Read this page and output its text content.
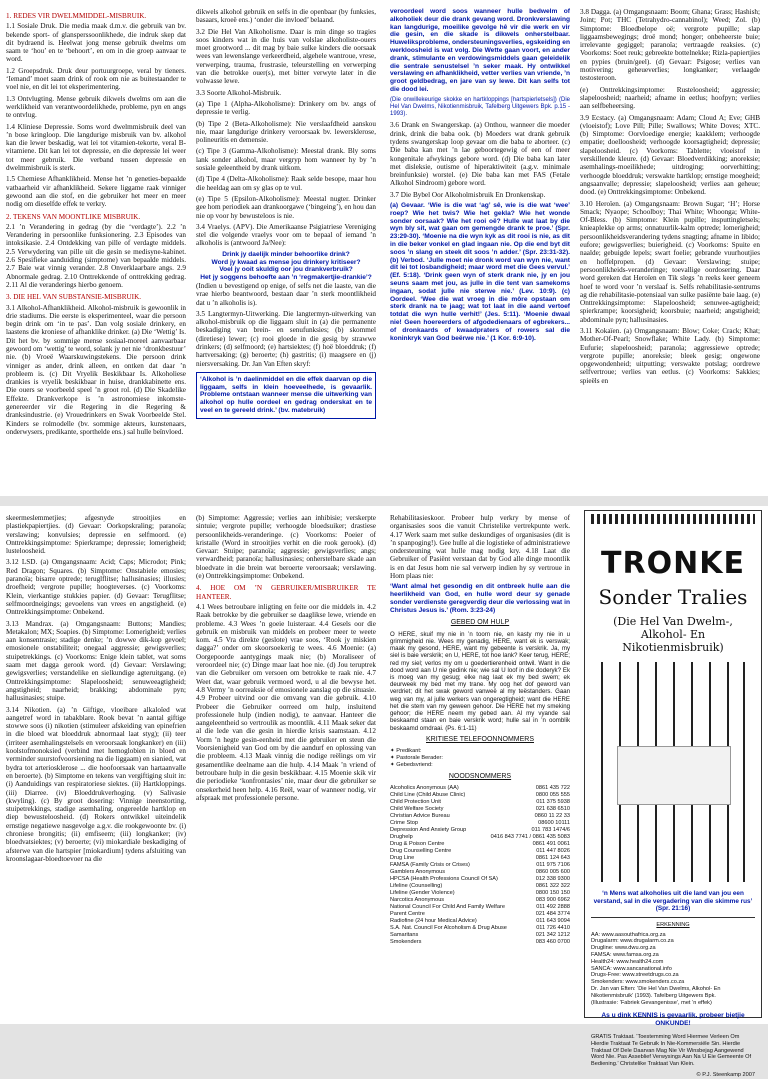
1. REDES VIR DWELMMIDDEL-MISBRUIK.

1.1 Sosiale Druk. Die media maak d.m.v. die gebruik van bv. bekende sport- of glansperssoonlikhede, die indruk skep dat dit bydraend is. Heelwat jong mense gebruik dwelms om saam te ‘hou’ en te ‘behoort’, en om in die groep aanvaar te word.

1.2 Groepsdruk. Druk deur portuurgroepe, veral by tieners. ‘Iemand’ moet saam drink of rook om nie as buitestaander te voel nie, en dit lei tot eksperimentering.

1.3 Ontvlugting. Mense gebruik dikwels dwelms om aan die werklikheid van verantwoordelikhede, probleme, pyn en angs te ontvlug.

1.4 Kliniese Depressie. Soms word dwelmmisbruik deel van ’n bose kringloop. Die langdurige misbruik van bv. alkohol kan die lewer beskadig, wat lei tot vitamien-tekorte, veral B-vitamiene. Dit kan lei tot depressie, en die depressie lei weer tot meer gebruik. Die verband tussen depressie en dwelmmisbruik is sterk.

1.5 Chemiese Afhanklikheid. Mense het ’n geneties-bepaalde vatbaarheid vir afhanklikheid. Sekere liggame raak vinniger gewoond aan die stof, en die gebruiker het meer en meer nodig om dieselfde effek te verkry.

2. TEKENS VAN MOONTLIKE MISBRUIK.

2.1 ’n Verandering in gedrag (by die ‘verdagte’). 2.2 ’n Verandering in persoonlike funksionering. 2.3 Episodes van intoksikasie. 2.4 Ontdekking van pille of verdagte middels. 2.5 Verwydering van pille uit die gesin se medisyne-kabinet. 2.6 Spesifieke aanduiding (simptome) van bepaalde middels. 2.7 Baie wat vinnig verander. 2.8 Onverklaarbare angs. 2.9 Abnormale gedrag. 2.10 Onttrekkende of onttrekking gedrag. 2.11 Al die veranderings hierbo genoem.

3. DIE HEL VAN SUBSTANSIE-MISBRUIK.

3.1 Alkohol-Afhanklikheid. Alkohol-misbruik is gewoonlik in drie stadiums. Die eerste is eksperimenteel, waar die persoon begin drink om ‘in te pas’. Dan volg sosiale drinkery, en laastens die kroniese of afhanklike drinker. (a) Die ‘Wettig’ Is. Dit het bv. by sommige mense sosiaal-moreel aanvaarbaar gewoord om ‘wettig’ te word, solank jy net nie ‘dronkbestuur’ nie. (b) Vroeë Waarskuwingstekens. Die persoon drink vinniger as ander, drink alleen, en ontken dat daar ’n probleem is. (c) Dit Vryelik Beskikbaar Is. Alkoholiese drankies is vryelik beskikbaar in huise, drankkabinette ens. Die ouers se voorbeeld speel ’n groot rol. (d) Die Skadelike Effekte. Drankverkope is ’n astronomiese inkomste-genereerder vir die Regering in die Regering & dranksindustrie. (e) Vrouedrinkers en Swak Voorbeelde Stel. Kinders se rolmodelle (bv. sommige akteurs, kunstenaars, onderwysers, predikante, sporthelde ens.) sal hulle beïnvloed.

dikwels alkohol gebruik en selfs in die openbaar (by funksies, basaars, kroeë ens.) ‘onder die invloed’ belaand.

3.2 Die Hel Van Alkoholisme. Daar is min dinge so tragies soos kinders wat in die huis van volslae alkoholiste-ouers moet grootword ... dit mag by baie sulke kinders die oorsaak wees van lewenslange verkeerdheid, algehele wantroue, vrese, verwerping, trauma, frustrasie, teleurstelling en verwerping van die betrokke ouer(s), met bitter verwyte later in die volwasse lewe.

3.3 Soorte Alkohol-Misbruik.

(a) Tipe 1 (Alpha-Alkoholisme): Drinkery om bv. angs of depressie te verlig.

(b) Tipe 2 (Beta-Alkoholisme): Nie verslaafdheid aanskou nie, maar langdurige drinkery veroorsaak bv. lewersklerose, polineuritis en demensie.

(c) Tipe 3 (Gamma-Alkoholisme): Meestal drank. Bly soms lank sonder alkohol, maar vergryp hom wanneer hy by ’n sosiale geleentheid by drank uitkom.

(d) Tipe 4 (Delta-Alkoholisme): Raak selde besope, maar hou die heeldag aan om sy glas op te vul.

(e) Tipe 5 (Epsilon-Alkoholisme): Meestal nugter. Drinker gee hom periodiek aan drankoorgawe (‘bingeing’), en hou dan nie op voor hy bewusteloos is nie.

3.4 Vraelys. (APV). Die Amerikaanse Psigiatriese Vereniging stel die volgende vraelys voor om te bepaal of iemand ’n alkoholis is (antwoord Ja/Nee):

Drink jy daelijk minder behoorlike drink?
Word jy kwaad as mense jou drinkery kritiseer?
Voel jy ooit skuldig oor jou drankverbruik?
Het jy soggens behoefte aan ’n ‘regmakertjie-drankie’?

(Indien u bevestigend op enige, of selfs net die laaste, van die vrae hierbo beantwoord, bestaan daar ’n sterk moontlikheid dat u ’n alkoholis is).

3.5 Langtermyn-Uitwerking. Die langtermyn-uitwerking van alkohol-misbruik op die liggaam sluit in (a) die permanente beskadiging van brein- en senufunksies; (b) skommel (diretiese) lewer; (c) rooi gloede in die gesig by strawwe drinkers; (d) selfmoord; (e) hartsiektes; (f) hoë bloeddruk; (f) hartversaking; (g) beroerte; (h) gastritis; (i) maagsere en (j) niersversaking. Dr. Jan Van Eften skryf:

‘Alkohol is ’n daelinmiddel en die effek daarvan op die liggaam, selfs in klein hoeveelhede, is gevaarlik. Probleme ontstaan wanneer mense die uitwerking van alkohol op hulle oordeel en gedrag onderskat en te veel en te gereeld drink.’ (bv. matebruik)

veroordeel word soos wanneer hulle bedwelm of alkoholiek deur die drank gevang word. Dronkverslawing kan langdurige, moeilike gevolge hê vir die werk en vir die gesin, en die skade is dikwels onherstelbaar. Huweliksprobleme, ondersteuningsverlies, egskeiding en werkloosheid is wat volg. Die Wette gaan voort, en ander drank, stimulante en verdowingsmiddels gaan geleidelik die sentrale senustelsel ’n seker maak. Hy ontwikkel verslawing en afhanklikheid, vetter verlies van vriende, ’n groot geldbedrag, en jare van sy lewe. Dit kan selfs tot die dood lei.

(Die onwillekeurige skokke en hartkloppings [hartspierletsels]) (Die Hel Van Dwelms, Nikotienmisbruik, Tafelberg Uitgewers Bpk. p.15 - 1993).

3.6 Drank en Swangerskap. (a) Onthou, wanneer die moeder drink, drink die baba ook. (b) Moeders wat drank gebruik tydens swangerskap loop gevaar om die baba te aborteer. (c) Die baba kan met ’n lae geboortegewig of een of meer kongenitale afwykings gebore word. (d) Die baba kan later met disleksie, outisme of hiperaktiwiteit (a.g.v. minimale breinfunksie) worstel. (e) Die baba kan met FAS (Fetale Alkohol Sindroom) gebore word.

3.7 Die Bybel Oor Alkoholmisbruik En Dronkenskap.

(a) Gevaar. ‘Wie is die wat ‘ag’ sê, wie is die wat ‘wee’ roep? Wie het twis? Wie het gekla? Wie het wonde sonder oorsaak? Wie het rooi oë? Hulle wat laat by die wyn bly sit, wat gaan om gemengde drank te proe.’ (Spr. 23:29-30). ‘Moenie na die wyn kyk as dit rooi is nie, as dit in die beker vonkel en glad ingaan nie. Op die end byt dit soos ’n slang en steek dit soos ’n adder.’ (Spr. 23:31-32). (b) Verbod. ‘Julle moet nie dronk word van wyn nie, want dit lei tot losbandigheid; maar word met die Gees vervul.’ (Ef. 5:18). ‘Drink geen wyn of sterk drank nie, jy en jou seuns saam met jou, as julle in die tent van samekoms ingaan, sodat julle nie sterwe nie.’ (Lev. 10:9). (c) Oordeel. ‘Wee die wat vroeg in die môre opstaan om sterk drank na te jaag; wat tot laat in die aand vertoef totdat die wyn hulle verhit!’ (Jes. 5:11). ‘Moenie dwaal nie! Geen hoereerders of afgodedienaars of egbrekers... of dronkaards of kwaadpraters of rowers sal die koninkryk van God beërwe nie.’ (1 Kor. 6:9-10).

3.8 Dagga. (a) Omgangsnaam: Boom; Ghana; Grass; Hashish; Joint; Pot; THC (Tetrahydro-cannabinol); Weed; Zol. (b) Simptome: Bloedbelope oë; vergrote pupille; slap liggaamsbewegings; droë mond; honger; onbeheerste buie; irrelevante gegiggel; paranoïa; vertraagde reaksies. (c) Voorkoms: Soet reuk; gebreekte bottelnekke; Rizla-papiertjies en pypies (bruin/geel). (d) Gevaar: Psigose; verlies van motivering; geheueverlies; longkanker; verlaagde testosteroon.

(e) Onttrekkingsimptome: Rusteloosheid; aggressie; slapeloosheid; naarheid; afname in eetlus; hoofpyn; verlies aan selfbeheersing.

3.9 Ecstacy. (a) Omgangsnaam: Adam; Cloud A; Eve; GHB (vloeistof); Love Pill; Pille; Swallows; White Doves; XTC. (b) Simptome: Oorvloedige energie; kaakklem; verhoogde empatie; doelloosheid; verhoogde koorsagtigheid; depressie; slapeloosheid. (c) Voorkoms: Tablette; vloeistof in verskillende kleure. (d) Gevaar: Bloedverdikking; anoreksie; asemhalings-moeilikhede; uitdroging; oorverhitting; verhoogde bloeddruk; verswakte hartklop; ernstige moegheid; angsaanvalle; depressie; slapeloosheid; verlies aan geheue; dood. (e) Onttrekkingsimptome: Onbekend.

3.10 Heroïen. (a) Omgangsnaam: Brown Sugar; ‘H’; Horse Smack; Nyaope; Schoolboy; Thai White; Whoonga; White-Of-Bless. (b) Simptome: Klein pupille; insputtingletsels; knieaplekke op arms; onnatuurlik-kalm optrede; lomerigheid; persoonlikheidsverandering tydens snagting; afname in libido; eufore; gewigsverlies; buierigheid. (c) Voorkoms: Spuite en naalde; gebuigde lepels; swart foelie; gebrande vuurhoutjies en hoffelpropen. (d) Gevaar: Verslawing; stuipe; persoonlikheids-veranderinge; toevallige oordosering. Daar word gereken dat Heroïen en Tik slegs ’n reeks keer geneem hoef te word voor ’n verslaaf is. Selfs rehabilitasie-sentrums ag die rehabilitasie-potensiaal van sulke pasiënte baie laag. (e) Onttrekkingsimptome: Slapeloosheid; senuwee-agtigheid; spierkrampe; koorsigheid; koorsbuie; naarheid; angstigheid; abdominale pyn; hallusinasies.

3.11 Kokaïen. (a) Omgangsnaam: Blow; Coke; Crack; Khat; Mother-Of-Pearl; Snowflake; White Lady. (b) Simptome: Eufurie; slapeloosheid; paranoïa; aggressiewe optrede; vergrote pupille; anoreksie; bleek gesig; ongewone opgewondenheid; uitputting; verswakte potslag; oordrewe selfvertroue; verlies van eetlus. (c) Voorkoms: Sakkies; spieëls en

skeermeslemmetjies; afgesnyde strooitjies en plastiekpapiertjies. (d) Gevaar: Oorkopskraling; paranoïa; verslawing; konvulsies; depressie en selfmoord. (e) Onttrekkingsimptome: Spierkrampe; depressie; lomerigheid; lusteloosheid.

3.12 LSD. (a) Omgangsnaam: Acid; Caps; Microdot; Pink; Red Dragon; Squares. (b) Simptome: Onstabiele emosies; paranoïa; bisarre optrede; teruglflitse; hallusinasies; illusies; droefheid; vergrote pupille; hoogteverses. (c) Voorkoms: Klein, vierkantige stukkies papier. (d) Gevaar: Terugflitse; selfmoordneigings; gevoelens van vrees en angstigheid. (e) Onttrekkingsimptome: Onbekend.

3.13 Mandrax. (a) Omgangsnaam: Buttons; Mandies; Metakalon; MX; Soapies. (b) Simptome: Lomerigheid; verlies aan konsentrasie; stadige denke; ’n dowwe dik-kop gevoel; emosionele onstabiliteit; onegaal aggressie; gewigsverlies; stuipetrekkings. (c) Voorkoms: Enige klein tablet, wat soms saam met dagga gerook word. (d) Gevaar: Verslawing; gewigsverlies; verstandelike en sielkundige agteruitgang. (e) Onttrekkingsimptome: Slapeloosheid; senuweeagtigheid; angstigheid; naarheid; brakking; abdominale pyn; hallusinasies; stuipe.

3.14 Nikotien. (a) ’n Giftige, vloeibare alkaloïed wat aangetref word in tabakblare. Rook bevat ’n aantal giftige stowwe soos (i) nikotien (stimuleer afskeiding van epinefrien in die bloed wat bloeddruk abnormaal laat styg); (ii) teer (irriteer asemhalingstelsels en veroorsaak longkanker) en (iii) koolstofmonoksied (verbind met hemoglobien in bloed en verminder suurstofvoorsiening na die liggaam) en sianied, wat bydra tot arteriosklerose ... die hoofoorsaak van hartaanvalle en beroerte). (b) Simptome en tekens van vergiftiging sluit in: (i) Aanduidings van respiratoriese siektes. (ii) Hartkloppings. (iii) Diarree. (iv) Bloeddrukverhoging. (v) Salivasie (kwyling). (c) By groot dosering: Vinnige ineenstorting, stuipetrekkings, stadige asemhaling, ongereelde hartklop en diep bewusteloosheid. (d) Rokers ontwikkel uiteindelik ernstige negatiewe nasgevolge a.g.v. die rookgewoonte bv. (i) chroniese brongitis; (ii) emfiseem; (iii) longkanker; (iv) bloedvatsiektes; (v) beroerte; (vi) miokardiale beskadiging of afsterwe van die hartspier [miokardium] tydens afsluiting van kroonslagaar-bloedtoevoer na die

(b) Simptome: Aggressie; verlies aan inhibisie; verskerpte sintuie; vergrote pupille; verhoogde bloedsuiker; drastiese persoonlikheids-veranderinge. (c) Voorkoms: Poeier of kristalle (Word in strooitjies verhit en die rook gerook). (d) Gevaar: Stuipe; paranoïa; aggressie; gewigsverlies; angs; verwardheid; paranoïa; hallusinasies; onherstelbare skade aan bloedvate in die brein wat beroerte veroorsaak; verslawing. (e) Onttrekkingsimptome: Onbekend.

4. HOE OM ’N GEBRUIKER/MISBRUIKER TE HANTEER.

4.1 Wees betroubare inligting en feite oor die middels in. 4.2 Raak betrokke by die gebruiker se daaglikse lewe, vriende en probleme. 4.3 Wees ’n goeie luisteraar. 4.4 Gesels oor die gebruik en misbruik van middels en probeer meer te weete kom. 4.5 Vra direkte (geslote) vrae soos, ‘Rook jy miskien dagga?’ onder om skoorsoekerig te wees. 4.6 Moenie: (a) Oorgepoorde aantygings maak nie; (b) Moraliseer of veroordeel nie; (c) Dinge maar laat hoe nie. (d) Jou teruptrek van die Gebruiker om versoen om betrokke te raak nie. 4.7 Weet dat, waar gebruik vermoed word, u al die bewyse het. 4.8 Vermy ’n oorreaksie of emosionele aanslag op die situasie. 4.9 Probeer uitvind oor die omvang van die gebruik. 4.10 Probeer die Gebruiker oorreed om hulp, insluitend professionele hulp (indien nodig), te aanvaar. Hanteer die aangeleentheid so vertroulik as moontlik. 4.11 Maak seker dat al die lede van die gesin in hierdie krisis saamstaan. 4.12 Vorm ’n hegte gesin-eenheid met die gebruiker en steun die Voorsienigheid van God om by die aandurf en oplossing van die probleem. 4.13 Maak vinnig die nodige reëlings om vir gesamentlike deelname aan die hulp. 4.14 Maak ’n vriend of betroubare hulp in die gesin beskikbaar. 4.15 Moenie skik vir die periodieke ‘konfrontasies’ nie, maar deur die gebruiker se onsekerheid heen help. 4.16 Reël, waar of wanneer nodig, vir afspraak met professionele persone.

Rehabilitasieskoor. Probeer hulp verkry by mense of organisasies soos die vanuit Christelike vertrekpunte werk. 4.17 Werk saam met sulke deskundiges of organisasies (dit is ’n spanpoging!). Gee hulle al die logistieke of administratiewe ondersteuning wat hulle mag nodig kry. 4.18 Laat die Gebruiker of Pasiënt verstaan dat by God alle dinge moontlik is en dat Jesus hom nie sal verwerp indien hy sy vertroue in Hom plaas nie:

‘Want almal het gesondig en dit ontbreek hulle aan die heerlikheid van God, en hulle word deur sy genade sonder verdienste geregverdig deur die verlossing wat in Christus Jesus is.’ (Rom. 3:23-24)

GEBED OM HULP

O HERE, skuif my nie in ’n toorn nie, en kasty my nie in u grimmigheid nie. Wees my genadig, HERE, want ek is verswak; maak my gesond, HERE, want my gebeente is verskrik. Ja, my siel is baie verskrik; en U, HERE, tot hoe lank? Keer terug, HERE; red my siel; verlos my om u goedertierenheid ontwil. Want in die dood word aan U nie gedink nie; wie sal U loof in die doderyk? Ek is moeg van my gesug; elke nag laat ek my bed swem; ek deurweek my bed met my trane. My oog het dof geword van verdriet; dit het swak geword vanweë al my teëstanders. Gaan weg van my, al julle werkers van ongeregtigheid; want die HERE het die stem van my geween gehoor. Die HERE het my smeking gehoor; die HERE neem my gebed aan. Al my vyande sal beskaamd staan en baie verskrik word; hulle sal in ’n oomblik beskaamd omdraai. (Ps. 6:1-11)

KRITIESE TELEFOONNOMMERS
✦ Predikant:
✦ Pastorale Berader:
✦ Gebedsvriend:
NOODSNOMMERS
Alcoholics Anonymous (AA)	0861 435 722
Child Line (Child Abuse Clinic)	0800 055 555
Child Protection Unit	011 375 5938
Child Welfare Society	021 638 6510
Christian Advice Bureau	0860 11 22 33
Crime Stop	08600 10111
Depression And Anxiety Group	011 783 1474/6
Drughelp	0416 843 7741 / 0861 435 5083
Drug & Poison Centre	0861 491 0061
Drug Counselling Centre	011 447 8026
Drug Line	0861 124 643
FAMSA (Family Crisis or Crises)	011 975 7106
Gamblers Anonymous	0860 005 600
HPCSA (Health Professions Council Of SA)	012 338 9300
Lifeline (Counselling)	0861 322 322
Lifeline (Gender Violence)	0800 150 150
Narcotics Anonymous	083 900 6962
National Council For Child And Family Welfare	011 492 2888
Parent Centre	021 484 3774
Radiofine (24 hour Medical Advice)	011 643 9094
S.A. Nat. Council For Alcoholism & Drug Abuse	011 726 4410
Samaritans	021 342 1212
Smokenders	083 460 0700
TRONKE
Sonder Tralies
(Die Hel Van Dwelm-, Alkohol- En Nikotienmisbruik)
‘n Mens wat alkoholies uit die land van jou een verstand, sal in die vergadering van die skimme rus’ (Spr. 21:16)
ERKENNING
AA: www.aasouthafrica.org.za
Drugalarm: www.drugalarm.co.za
Drugline: www.dwu.org.za
FAMSA: www.famsa.org.za
Health24: www.health24.com
SANCA: www.sancanational.info
Drugs-Free: www.streetdrugs.co.za
Smokenders: www.smokenders.co.za
Dr. Jan van Eften: ‘Die Hel Van Dwelms, Alkohol- En Nikotienmisbruik’ (1993). Tafelberg Uitgewers Bpk.
(Illustrasie: ‘Fabriek Gevangenisse’, met ‘n effek)
As u dink KENNIS is gevaarlik, probeer bietjie ONKUNDE!
GRATIS Traktaat. ‘Toestemming Word Hiermee Verleen Om Hierdie Traktaat Te Gebruik In Nie-Kommersiële Sin. Hierdie Traktaat Of Dele Daarvan Mag Nie Vir Winsbejag Aangewend Word Nie. Pas Asseblief Verwysings Aan Na U Eie Gemeente Of Bediening.’ Christelike Traktaat Van Klein.
© P.J. Steenkamp 2007
